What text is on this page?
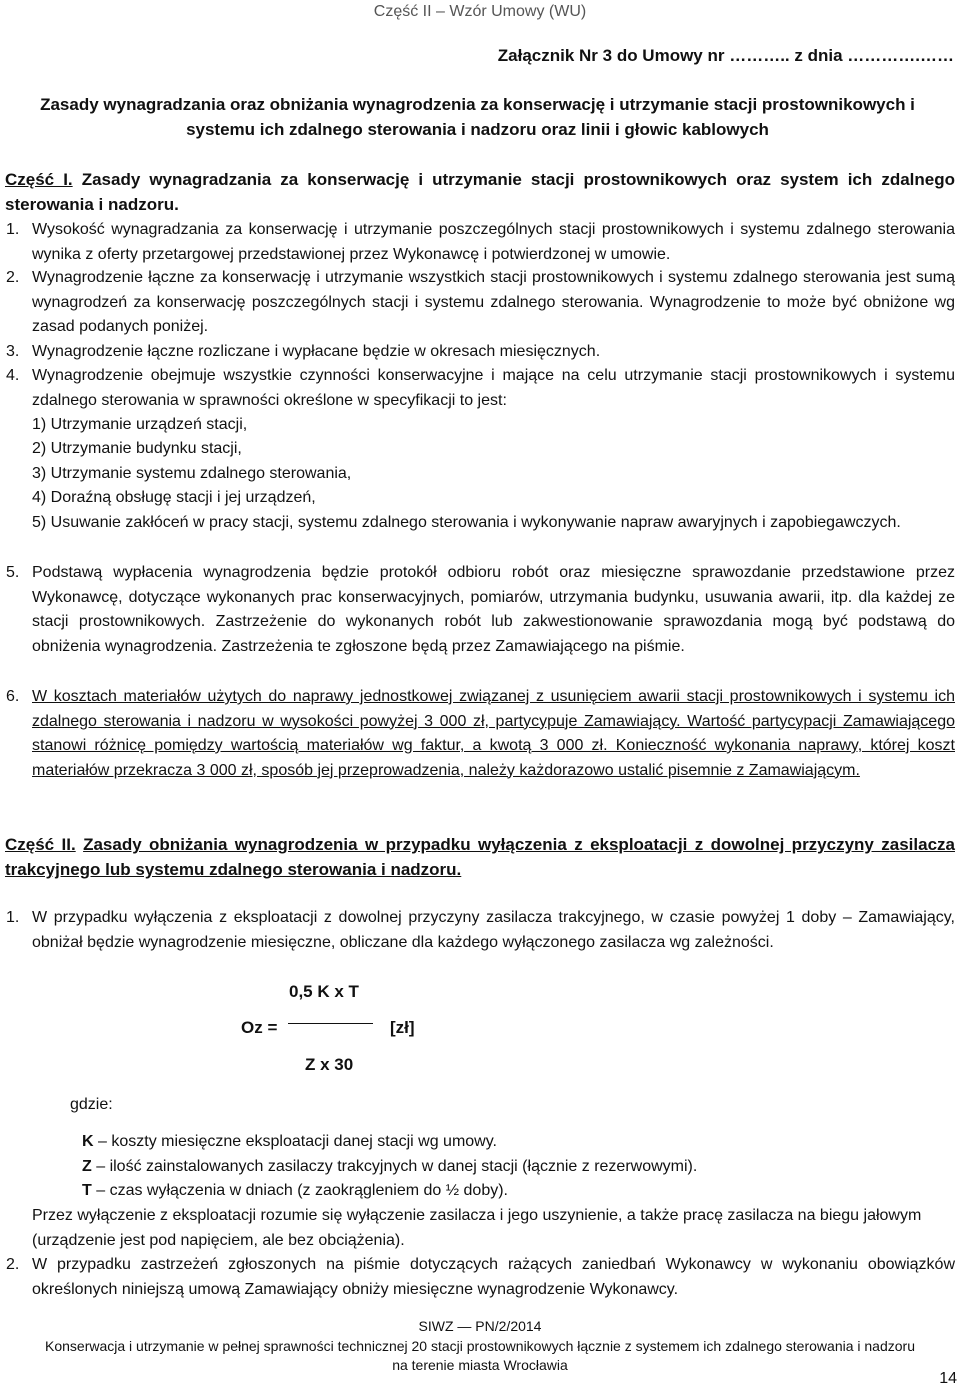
Część II – Wzór Umowy (WU)
Załącznik Nr 3 do Umowy nr ……….. z dnia ………….……
Zasady wynagradzania oraz obniżania wynagrodzenia za konserwację i utrzymanie stacji prostownikowych i systemu ich zdalnego sterowania i nadzoru oraz linii i głowic kablowych
Część I. Zasady wynagradzania za konserwację i utrzymanie stacji prostownikowych oraz system ich zdalnego sterowania i nadzoru.
1. Wysokość wynagradzania za konserwację i utrzymanie poszczególnych stacji prostownikowych i systemu zdalnego sterowania wynika z oferty przetargowej przedstawionej przez Wykonawcę i potwierdzonej w umowie.
2. Wynagrodzenie łączne za konserwację i utrzymanie wszystkich stacji prostownikowych i systemu zdalnego sterowania jest sumą wynagrodzeń za konserwację poszczególnych stacji i systemu zdalnego sterowania. Wynagrodzenie to może być obniżone wg zasad podanych poniżej.
3. Wynagrodzenie łączne rozliczane i wypłacane będzie w okresach miesięcznych.
4. Wynagrodzenie obejmuje wszystkie czynności konserwacyjne i mające na celu utrzymanie stacji prostownikowych i systemu zdalnego sterowania w sprawności określone w specyfikacji to jest:
1) Utrzymanie urządzeń stacji,
2) Utrzymanie budynku stacji,
3) Utrzymanie systemu zdalnego sterowania,
4) Doraźną obsługę stacji i jej urządzeń,
5) Usuwanie zakłóceń w pracy stacji, systemu zdalnego sterowania i wykonywanie napraw awaryjnych i zapobiegawczych.
5. Podstawą wypłacenia wynagrodzenia będzie protokół odbioru robót oraz miesięczne sprawozdanie przedstawione przez Wykonawcę, dotyczące wykonanych prac konserwacyjnych, pomiarów, utrzymania budynku, usuwania awarii, itp. dla każdej ze stacji prostownikowych. Zastrzeżenie do wykonanych robót lub zakwestionowanie sprawozdania mogą być podstawą do obniżenia wynagrodzenia. Zastrzeżenia te zgłoszone będą przez Zamawiającego na piśmie.
6. W kosztach materiałów użytych do naprawy jednostkowej związanej z usunięciem awarii stacji prostownikowych i systemu ich zdalnego sterowania i nadzoru w wysokości powyżej 3 000 zł, partycypuje Zamawiający. Wartość partycypacji Zamawiającego stanowi różnicę pomiędzy wartością materiałów wg faktur, a kwotą 3 000 zł. Konieczność wykonania naprawy, której koszt materiałów przekracza 3 000 zł, sposób jej przeprowadzenia, należy każdorazowo ustalić pisemnie z Zamawiającym.
Część II. Zasady obniżania wynagrodzenia w przypadku wyłączenia z eksploatacji z dowolnej przyczyny zasilacza trakcyjnego lub systemu zdalnego sterowania i nadzoru.
1. W przypadku wyłączenia z eksploatacji z dowolnej przyczyny zasilacza trakcyjnego, w czasie powyżej 1 doby – Zamawiający, obniżał będzie wynagrodzenie miesięczne, obliczane dla każdego wyłączonego zasilacza wg zależności.
0,5 K x T
Oz =	[zł]
Z x 30
gdzie:
K – koszty miesięczne eksploatacji danej stacji wg umowy.
Z – ilość zainstalowanych zasilaczy trakcyjnych w danej stacji (łącznie z rezerwowymi).
T – czas wyłączenia w dniach (z zaokrągleniem do ½ doby).
Przez wyłączenie z eksploatacji rozumie się wyłączenie zasilacza i jego uszynienie, a także pracę zasilacza na biegu jałowym (urządzenie jest pod napięciem, ale bez obciążenia).
2. W przypadku zastrzeżeń zgłoszonych na piśmie dotyczących rażących zaniedbań Wykonawcy w wykonaniu obowiązków określonych niniejszą umową Zamawiający obniży miesięczne wynagrodzenie Wykonawcy.
SIWZ — PN/2/2014
Konserwacja i utrzymanie w pełnej sprawności technicznej 20 stacji prostownikowych łącznie z systemem ich zdalnego sterowania i nadzoru
na terenie miasta Wrocławia
14
